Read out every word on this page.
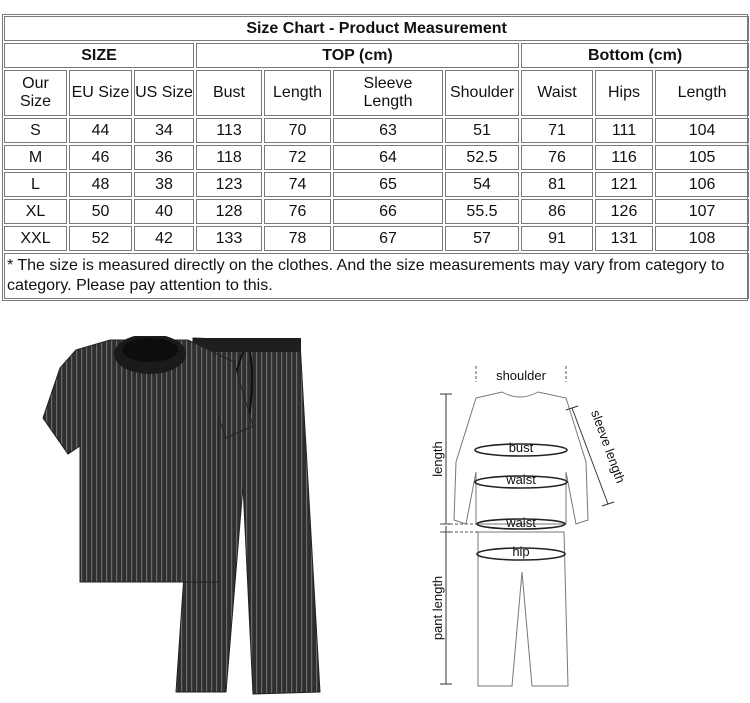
Size Chart - Product Measurement									
SIZE			TOP (cm)				Bottom (cm)		
Our Size	EU Size	US Size	Bust	Length	Sleeve Length	Shoulder	Waist	Hips	Length
S	44	34	113	70	63	51	71	111	104
M	46	36	118	72	64	52.5	76	116	105
L	48	38	123	74	65	54	81	121	106
XL	50	40	128	76	66	55.5	86	126	107
XXL	52	42	133	78	67	57	91	131	108
* The size is measured directly on the clothes. And the size measurements may vary from category to category. Please pay attention to this.									
shoulder
bust
waist
waist
hip
length
pant length
sleeve length
